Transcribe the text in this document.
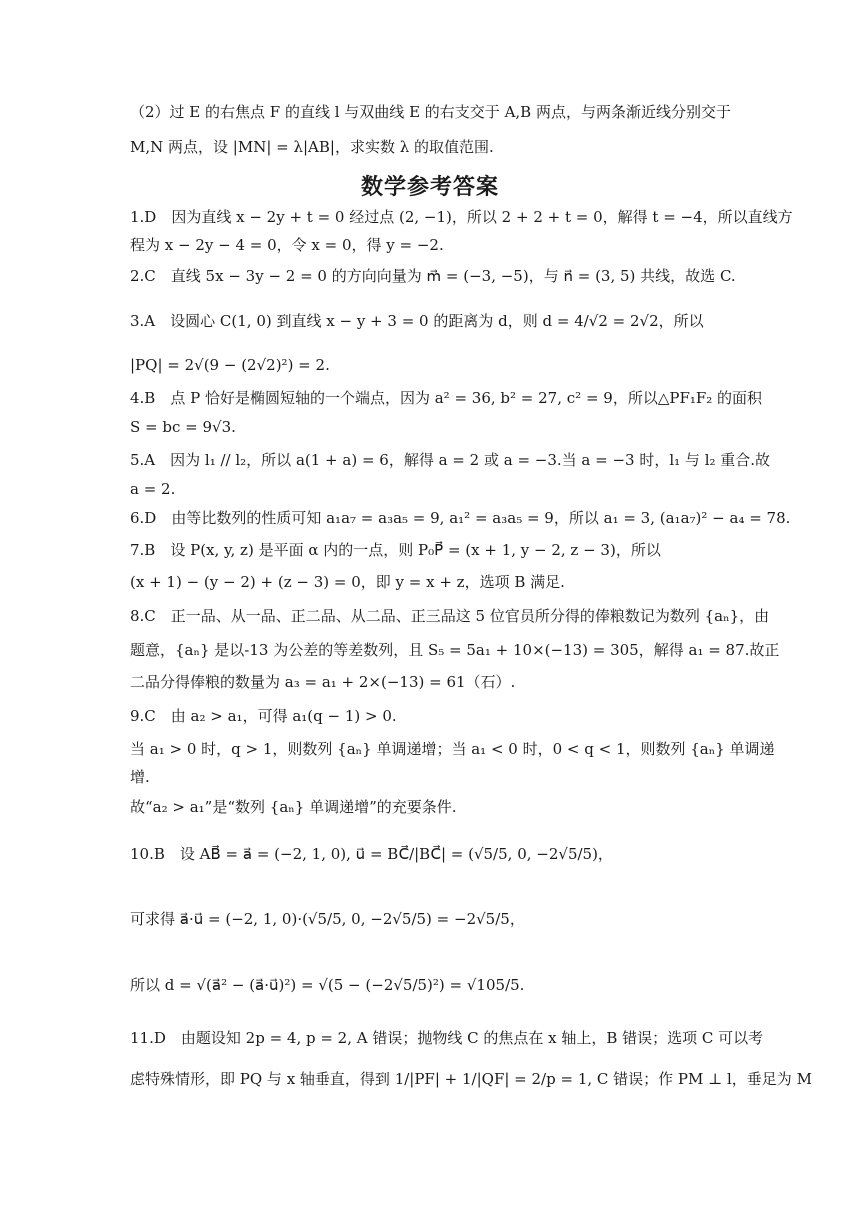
（2）过 E 的右焦点 F 的直线 l 与双曲线 E 的右支交于 A,B 两点，与两条渐近线分别交于
M,N 两点，设 |MN| = λ|AB|，求实数 λ 的取值范围.
数学参考答案
1.D　因为直线 x − 2y + t = 0 经过点 (2, −1)，所以 2 + 2 + t = 0，解得 t = −4，所以直线方
程为 x − 2y − 4 = 0，令 x = 0，得 y = −2.
2.C　直线 5x − 3y − 2 = 0 的方向向量为 m⃗ = (−3, −5)，与 n⃗ = (3, 5) 共线，故选 C.
3.A　设圆心 C(1, 0) 到直线 x − y + 3 = 0 的距离为 d，则 d = 4/√2 = 2√2，所以
|PQ| = 2√(9 − (2√2)²) = 2.
4.B　点 P 恰好是椭圆短轴的一个端点，因为 a² = 36, b² = 27, c² = 9，所以△PF₁F₂ 的面积
S = bc = 9√3.
5.A　因为 l₁ // l₂，所以 a(1 + a) = 6，解得 a = 2 或 a = −3.当 a = −3 时，l₁ 与 l₂ 重合.故
a = 2.
6.D　由等比数列的性质可知 a₁a₇ = a₃a₅ = 9, a₁² = a₃a₅ = 9，所以 a₁ = 3, (a₁a₇)² − a₄ = 78.
7.B　设 P(x, y, z) 是平面 α 内的一点，则 P₀P⃗ = (x + 1, y − 2, z − 3)，所以
(x + 1) − (y − 2) + (z − 3) = 0，即 y = x + z，选项 B 满足.
8.C　正一品、从一品、正二品、从二品、正三品这 5 位官员所分得的俸粮数记为数列 {aₙ}，由
题意，{aₙ} 是以-13 为公差的等差数列，且 S₅ = 5a₁ + 10×(−13) = 305，解得 a₁ = 87.故正
二品分得俸粮的数量为 a₃ = a₁ + 2×(−13) = 61（石）.
9.C　由 a₂ > a₁，可得 a₁(q − 1) > 0.
当 a₁ > 0 时，q > 1，则数列 {aₙ} 单调递增；当 a₁ < 0 时，0 < q < 1，则数列 {aₙ} 单调递
增.
故“a₂ > a₁”是“数列 {aₙ} 单调递增”的充要条件.
10.B　设 AB⃗ = a⃗ = (−2, 1, 0), u⃗ = BC⃗/|BC⃗| = (√5/5, 0, −2√5/5)，
可求得 a⃗·u⃗ = (−2, 1, 0)·(√5/5, 0, −2√5/5) = −2√5/5，
所以 d = √(a⃗² − (a⃗·u⃗)²) = √(5 − (−2√5/5)²) = √105/5.
11.D　由题设知 2p = 4, p = 2, A 错误；抛物线 C 的焦点在 x 轴上，B 错误；选项 C 可以考
虑特殊情形，即 PQ 与 x 轴垂直，得到 1/|PF| + 1/|QF| = 2/p = 1, C 错误；作 PM ⊥ l，垂足为 M
